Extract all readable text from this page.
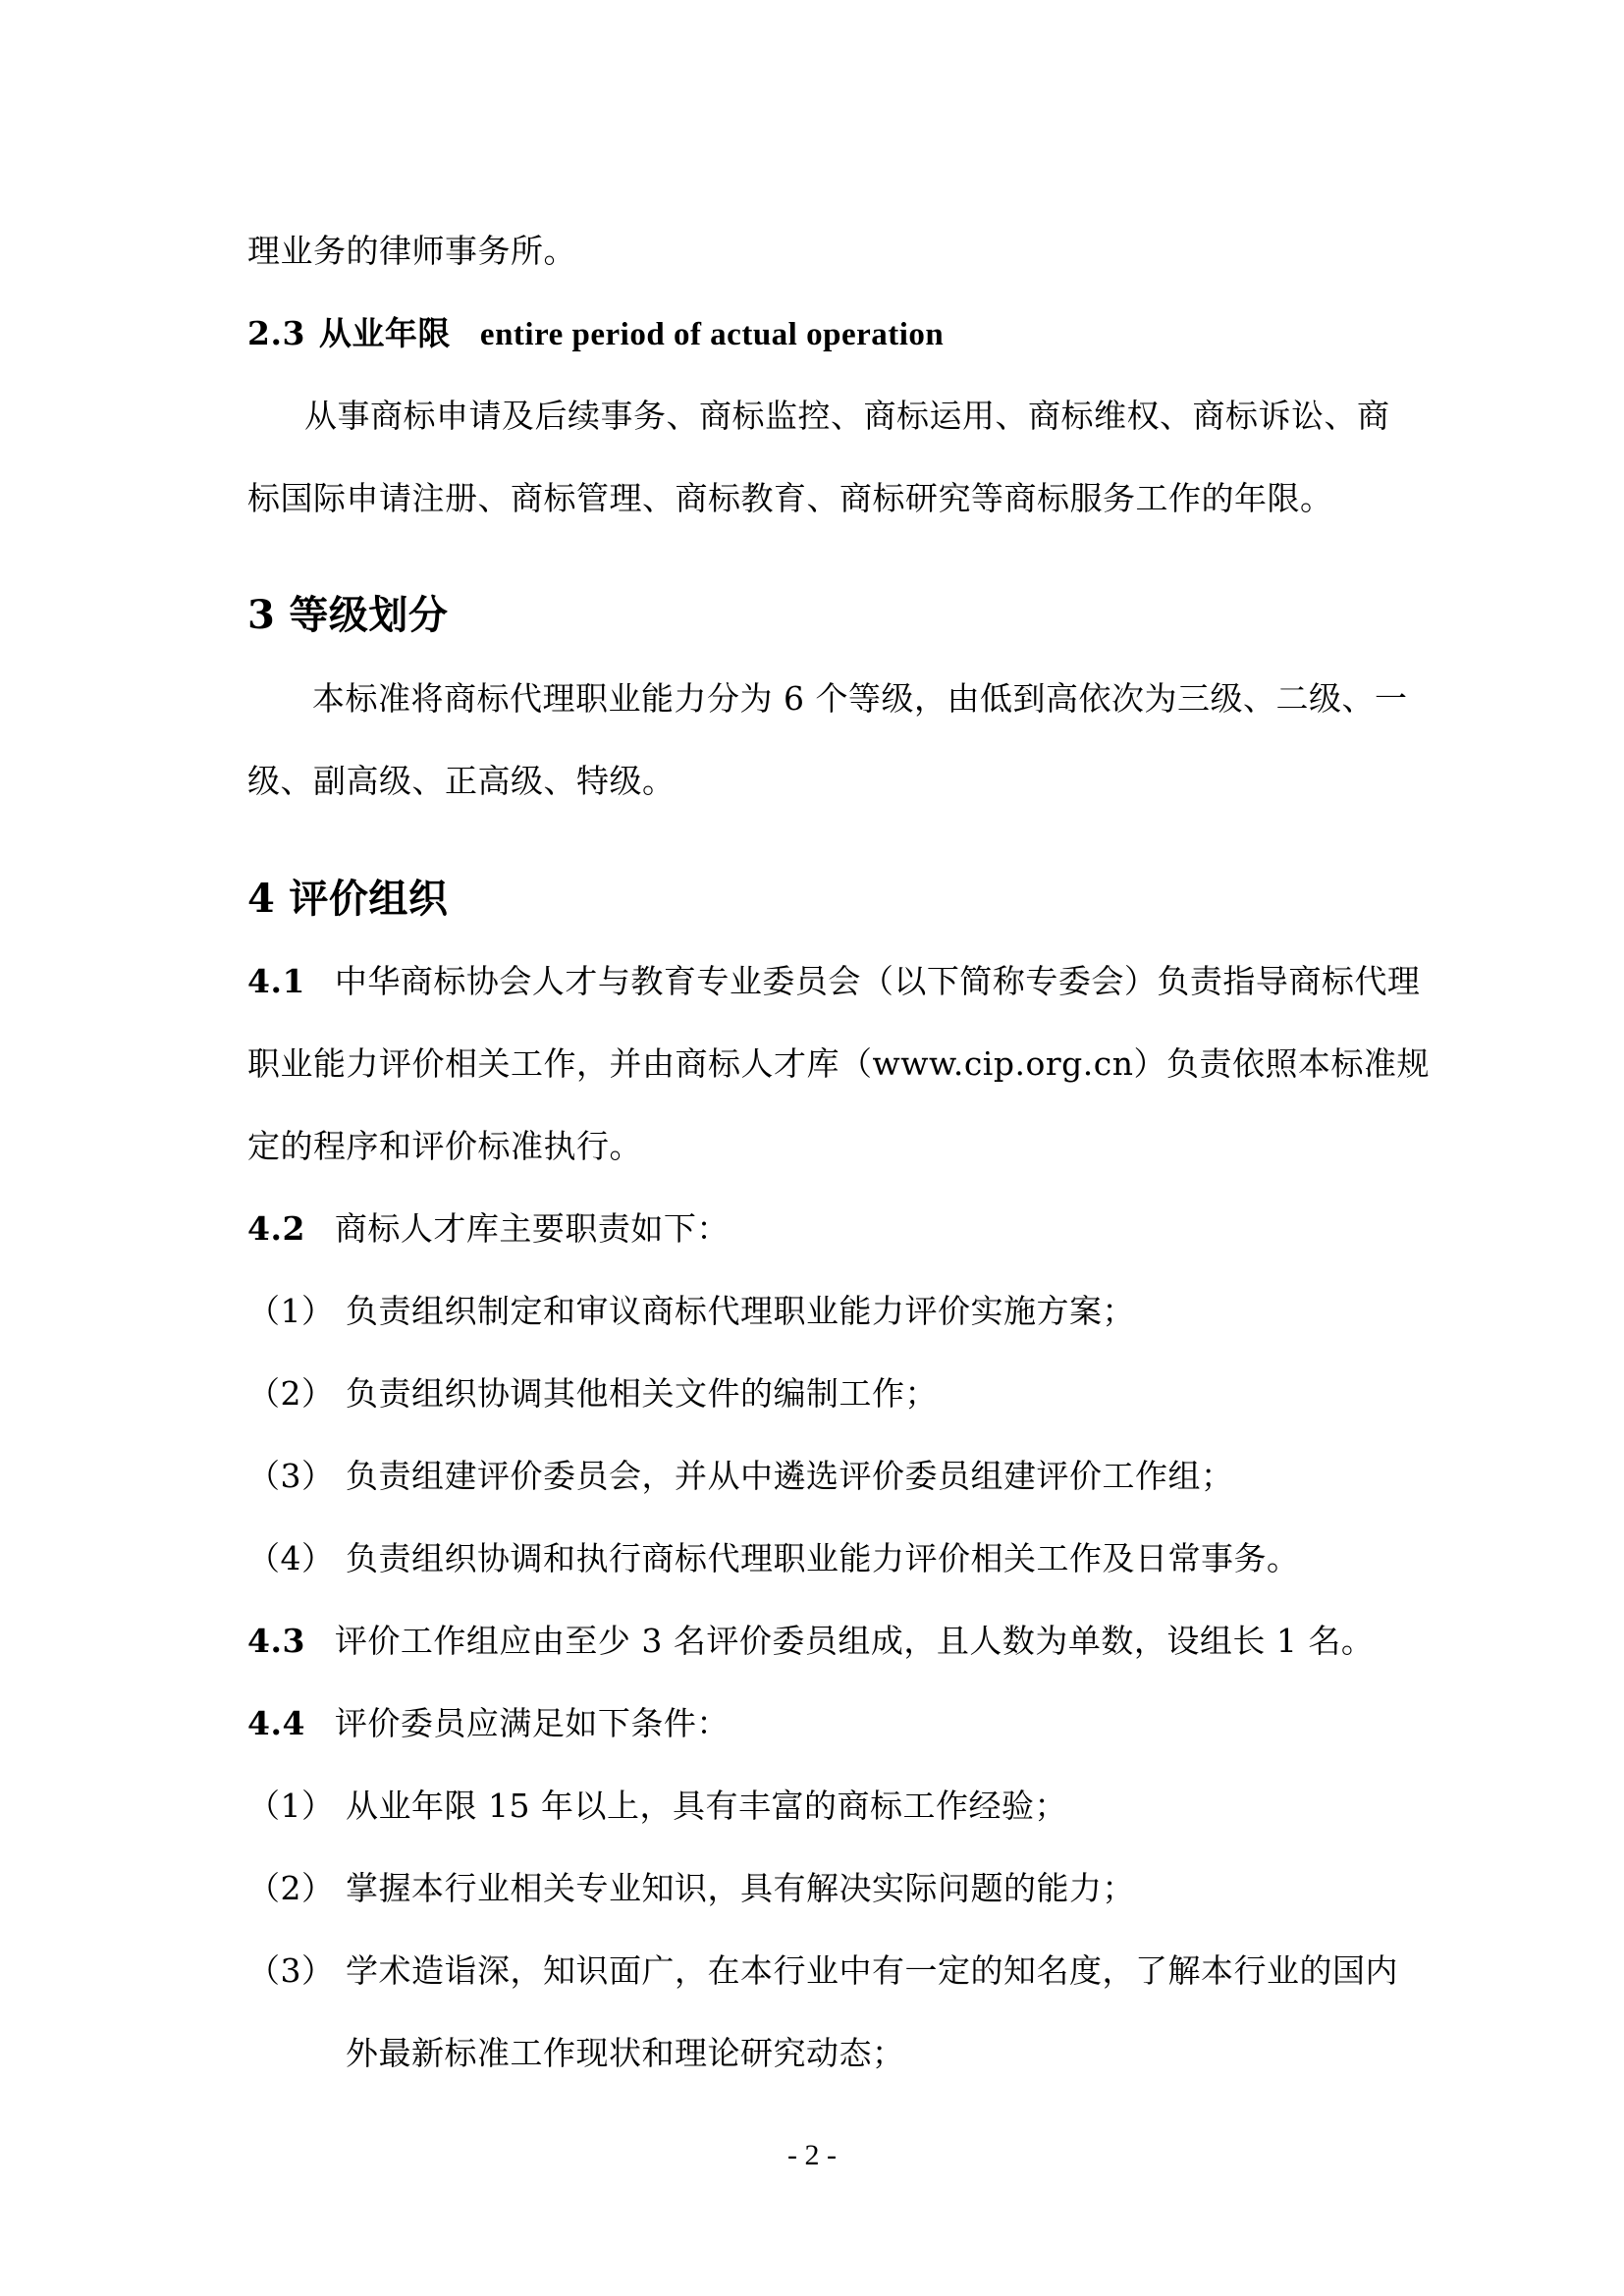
理业务的律师事务所。
2.3 从业年限 entire period of actual operation
从事商标申请及后续事务、商标监控、商标运用、商标维权、商标诉讼、商
标国际申请注册、商标管理、商标教育、商标研究等商标服务工作的年限。
3 等级划分
本标准将商标代理职业能力分为 6 个等级，由低到高依次为三级、二级、一
级、副高级、正高级、特级。
4 评价组织
4.1 中华商标协会人才与教育专业委员会（以下简称专委会）负责指导商标代理
职业能力评价相关工作，并由商标人才库（www.cip.org.cn）负责依照本标准规
定的程序和评价标准执行。
4.2 商标人才库主要职责如下：
（1） 负责组织制定和审议商标代理职业能力评价实施方案；
（2） 负责组织协调其他相关文件的编制工作；
（3） 负责组建评价委员会，并从中遴选评价委员组建评价工作组；
（4） 负责组织协调和执行商标代理职业能力评价相关工作及日常事务。
4.3 评价工作组应由至少 3 名评价委员组成，且人数为单数，设组长 1 名。
4.4 评价委员应满足如下条件：
（1） 从业年限 15 年以上，具有丰富的商标工作经验；
（2） 掌握本行业相关专业知识，具有解决实际问题的能力；
（3） 学术造诣深，知识面广，在本行业中有一定的知名度，了解本行业的国内
外最新标准工作现状和理论研究动态；
- 2 -
